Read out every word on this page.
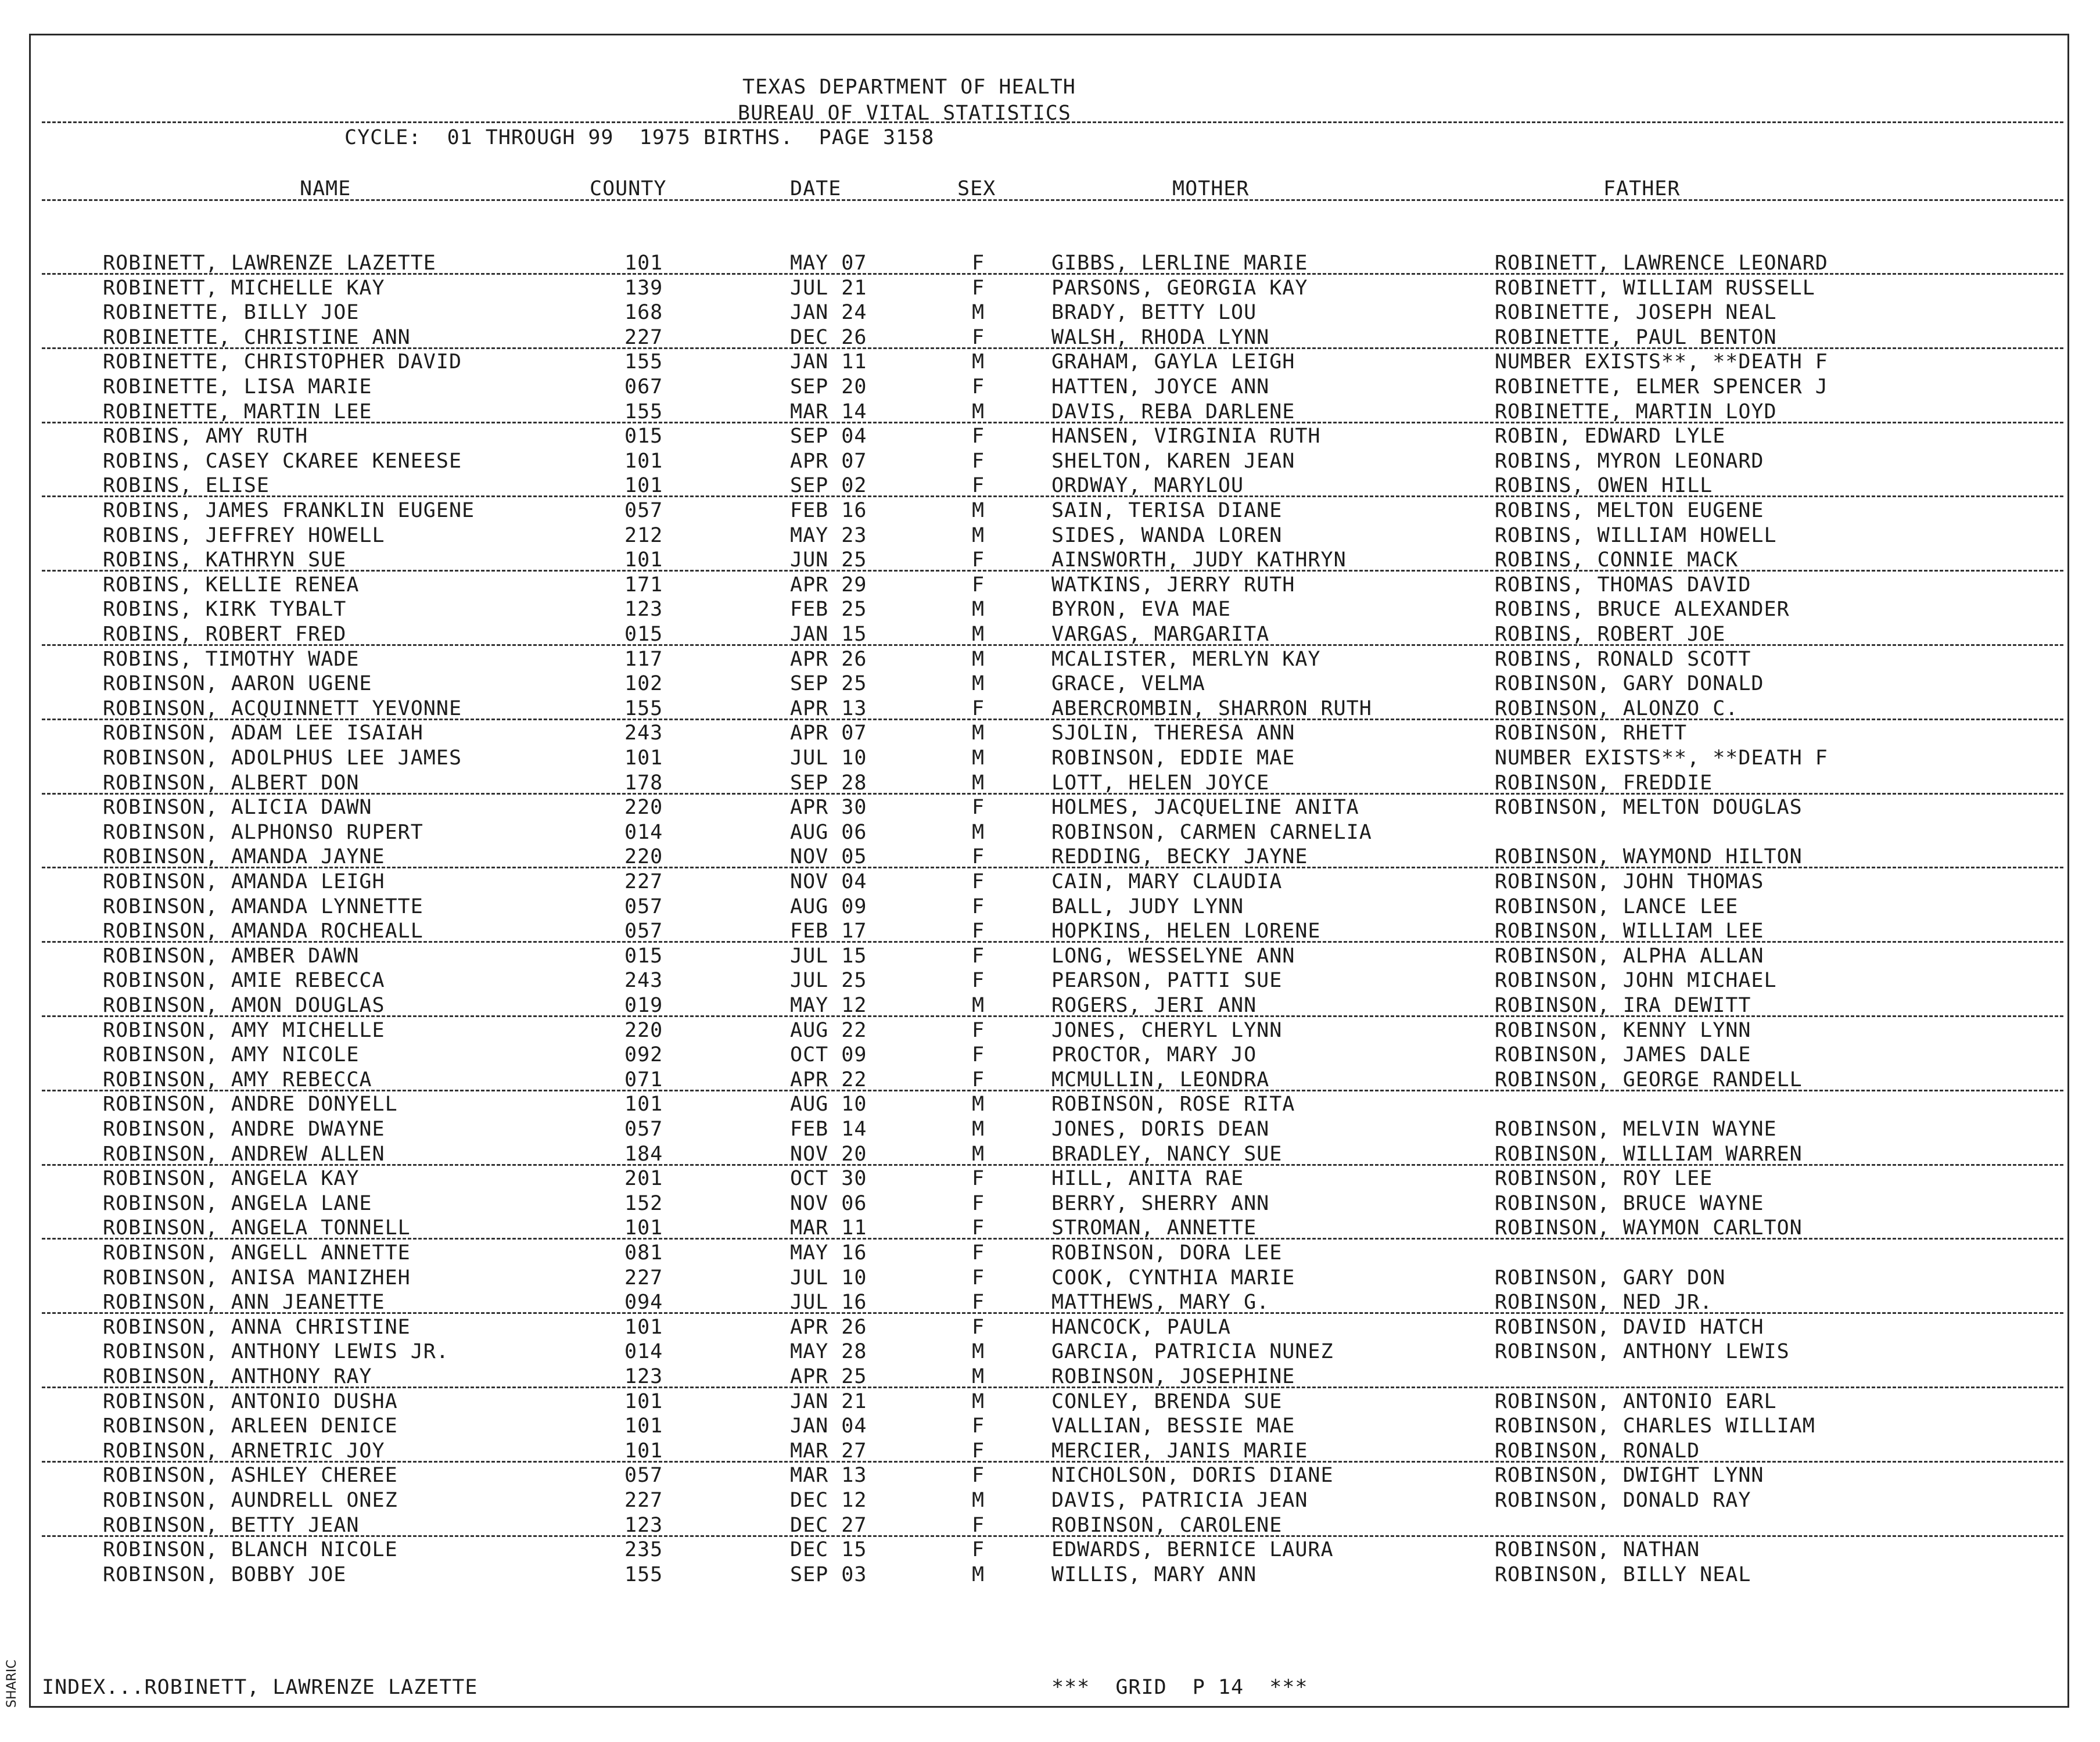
TEXAS DEPARTMENT OF HEALTH
BUREAU OF VITAL STATISTICS
CYCLE:  01 THROUGH 99  1975 BIRTHS.  PAGE 3158
NAME	COUNTY	DATE	SEX	MOTHER	FATHER
ROBINETT, LAWRENZE LAZETTE	101	MAY 07	F	GIBBS, LERLINE MARIE	ROBINETT, LAWRENCE LEONARD
ROBINETT, MICHELLE KAY	139	JUL 21	F	PARSONS, GEORGIA KAY	ROBINETT, WILLIAM RUSSELL
ROBINETTE, BILLY JOE	168	JAN 24	M	BRADY, BETTY LOU	ROBINETTE, JOSEPH NEAL
ROBINETTE, CHRISTINE ANN	227	DEC 26	F	WALSH, RHODA LYNN	ROBINETTE, PAUL BENTON
ROBINETTE, CHRISTOPHER DAVID	155	JAN 11	M	GRAHAM, GAYLA LEIGH	NUMBER EXISTS**, **DEATH F
ROBINETTE, LISA MARIE	067	SEP 20	F	HATTEN, JOYCE ANN	ROBINETTE, ELMER SPENCER J
ROBINETTE, MARTIN LEE	155	MAR 14	M	DAVIS, REBA DARLENE	ROBINETTE, MARTIN LOYD
ROBINS, AMY RUTH	015	SEP 04	F	HANSEN, VIRGINIA RUTH	ROBIN, EDWARD LYLE
ROBINS, CASEY CKAREE KENEESE	101	APR 07	F	SHELTON, KAREN JEAN	ROBINS, MYRON LEONARD
ROBINS, ELISE	101	SEP 02	F	ORDWAY, MARYLOU	ROBINS, OWEN HILL
ROBINS, JAMES FRANKLIN EUGENE	057	FEB 16	M	SAIN, TERISA DIANE	ROBINS, MELTON EUGENE
ROBINS, JEFFREY HOWELL	212	MAY 23	M	SIDES, WANDA LOREN	ROBINS, WILLIAM HOWELL
ROBINS, KATHRYN SUE	101	JUN 25	F	AINSWORTH, JUDY KATHRYN	ROBINS, CONNIE MACK
ROBINS, KELLIE RENEA	171	APR 29	F	WATKINS, JERRY RUTH	ROBINS, THOMAS DAVID
ROBINS, KIRK TYBALT	123	FEB 25	M	BYRON, EVA MAE	ROBINS, BRUCE ALEXANDER
ROBINS, ROBERT FRED	015	JAN 15	M	VARGAS, MARGARITA	ROBINS, ROBERT JOE
ROBINS, TIMOTHY WADE	117	APR 26	M	MCALISTER, MERLYN KAY	ROBINS, RONALD SCOTT
ROBINSON, AARON UGENE	102	SEP 25	M	GRACE, VELMA	ROBINSON, GARY DONALD
ROBINSON, ACQUINNETT YEVONNE	155	APR 13	F	ABERCROMBIN, SHARRON RUTH	ROBINSON, ALONZO C.
ROBINSON, ADAM LEE ISAIAH	243	APR 07	M	SJOLIN, THERESA ANN	ROBINSON, RHETT
ROBINSON, ADOLPHUS LEE JAMES	101	JUL 10	M	ROBINSON, EDDIE MAE	NUMBER EXISTS**, **DEATH F
ROBINSON, ALBERT DON	178	SEP 28	M	LOTT, HELEN JOYCE	ROBINSON, FREDDIE
ROBINSON, ALICIA DAWN	220	APR 30	F	HOLMES, JACQUELINE ANITA	ROBINSON, MELTON DOUGLAS
ROBINSON, ALPHONSO RUPERT	014	AUG 06	M	ROBINSON, CARMEN CARNELIA
ROBINSON, AMANDA JAYNE	220	NOV 05	F	REDDING, BECKY JAYNE	ROBINSON, WAYMOND HILTON
ROBINSON, AMANDA LEIGH	227	NOV 04	F	CAIN, MARY CLAUDIA	ROBINSON, JOHN THOMAS
ROBINSON, AMANDA LYNNETTE	057	AUG 09	F	BALL, JUDY LYNN	ROBINSON, LANCE LEE
ROBINSON, AMANDA ROCHEALL	057	FEB 17	F	HOPKINS, HELEN LORENE	ROBINSON, WILLIAM LEE
ROBINSON, AMBER DAWN	015	JUL 15	F	LONG, WESSELYNE ANN	ROBINSON, ALPHA ALLAN
ROBINSON, AMIE REBECCA	243	JUL 25	F	PEARSON, PATTI SUE	ROBINSON, JOHN MICHAEL
ROBINSON, AMON DOUGLAS	019	MAY 12	M	ROGERS, JERI ANN	ROBINSON, IRA DEWITT
ROBINSON, AMY MICHELLE	220	AUG 22	F	JONES, CHERYL LYNN	ROBINSON, KENNY LYNN
ROBINSON, AMY NICOLE	092	OCT 09	F	PROCTOR, MARY JO	ROBINSON, JAMES DALE
ROBINSON, AMY REBECCA	071	APR 22	F	MCMULLIN, LEONDRA	ROBINSON, GEORGE RANDELL
ROBINSON, ANDRE DONYELL	101	AUG 10	M	ROBINSON, ROSE RITA
ROBINSON, ANDRE DWAYNE	057	FEB 14	M	JONES, DORIS DEAN	ROBINSON, MELVIN WAYNE
ROBINSON, ANDREW ALLEN	184	NOV 20	M	BRADLEY, NANCY SUE	ROBINSON, WILLIAM WARREN
ROBINSON, ANGELA KAY	201	OCT 30	F	HILL, ANITA RAE	ROBINSON, ROY LEE
ROBINSON, ANGELA LANE	152	NOV 06	F	BERRY, SHERRY ANN	ROBINSON, BRUCE WAYNE
ROBINSON, ANGELA TONNELL	101	MAR 11	F	STROMAN, ANNETTE	ROBINSON, WAYMON CARLTON
ROBINSON, ANGELL ANNETTE	081	MAY 16	F	ROBINSON, DORA LEE
ROBINSON, ANISA MANIZHEH	227	JUL 10	F	COOK, CYNTHIA MARIE	ROBINSON, GARY DON
ROBINSON, ANN JEANETTE	094	JUL 16	F	MATTHEWS, MARY G.	ROBINSON, NED JR.
ROBINSON, ANNA CHRISTINE	101	APR 26	F	HANCOCK, PAULA	ROBINSON, DAVID HATCH
ROBINSON, ANTHONY LEWIS JR.	014	MAY 28	M	GARCIA, PATRICIA NUNEZ	ROBINSON, ANTHONY LEWIS
ROBINSON, ANTHONY RAY	123	APR 25	M	ROBINSON, JOSEPHINE
ROBINSON, ANTONIO DUSHA	101	JAN 21	M	CONLEY, BRENDA SUE	ROBINSON, ANTONIO EARL
ROBINSON, ARLEEN DENICE	101	JAN 04	F	VALLIAN, BESSIE MAE	ROBINSON, CHARLES WILLIAM
ROBINSON, ARNETRIC JOY	101	MAR 27	F	MERCIER, JANIS MARIE	ROBINSON, RONALD
ROBINSON, ASHLEY CHEREE	057	MAR 13	F	NICHOLSON, DORIS DIANE	ROBINSON, DWIGHT LYNN
ROBINSON, AUNDRELL ONEZ	227	DEC 12	M	DAVIS, PATRICIA JEAN	ROBINSON, DONALD RAY
ROBINSON, BETTY JEAN	123	DEC 27	F	ROBINSON, CAROLENE
ROBINSON, BLANCH NICOLE	235	DEC 15	F	EDWARDS, BERNICE LAURA	ROBINSON, NATHAN
ROBINSON, BOBBY JOE	155	SEP 03	M	WILLIS, MARY ANN	ROBINSON, BILLY NEAL
INDEX...ROBINETT, LAWRENZE LAZETTE	***  GRID  P 14  ***
SHARIC
